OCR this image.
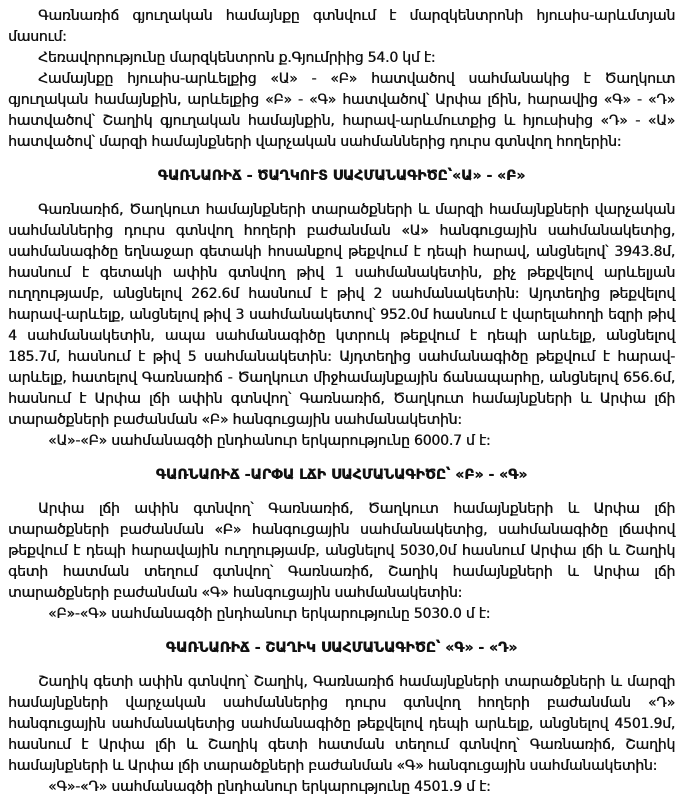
Գառնառիճ գյուղական համայնքը գտնվում է մարզկենտրոնի հյուսիս-արևմտյան մասում:

Հեռավորությունը մարզկենտրոն ք.Գյումրիից 54.0 կմ է:

Համայնքը հյուսիս-արևելքից «Ա» - «Բ» հատվածով սահմանակից է Ծաղկուտ գյուղական համայնքին, արևելքից «Բ» - «Գ» հատվածով՝ Արփա լճին, հարավից «Գ» - «Դ» հատվածով՝ Շաղիկ գյուղական համայնքին, հարավ-արևմուտքից և հյուսիսից «Դ» - «Ա» հատվածով՝ մարզի համայնքների վարչական սահմաններից դուրս գտնվող հողերին:

ԳԱՌՆԱՌԻՃ - ԾԱՂԿՈՒՏ ՍԱՀՄԱՆԱԳԻԾԸ՝«Ա» - «Բ»

Գառնառիճ, Ծաղկուտ համայնքների տարածքների և մարզի համայնքների վարչական սահմաններից դուրս գտնվող հողերի բաժանման «Ա» հանգուցային սահմանակետից, սահմանագիծը եղնաջար գետակի հոսանքով թեքվում է դեպի հարավ, անցնելով՝ 3943.8մ, հասնում է գետակի ափին գտնվող թիվ 1 սահմանակետին, քիչ թեքվելով արևելյան ուղղությամբ, անցնելով 262.6մ հասնում է թիվ 2 սահմանակետին: Այդտեղից թեքվելով հարավ-արևելք, անցնելով թիվ 3 սահմանակետով՝ 952.0մ հասնում է վարելահողի եզրի թիվ 4 սահմանակետին, ապա սահմանագիծը կտրուկ թեքվում է դեպի արևելք, անցնելով 185.7մ, հասնում է թիվ 5 սահմանակետին: Այդտեղից սահմանագիծը թեքվում է հարավ-արևելք, հատելով Գառնառիճ - Ծաղկուտ միջհամայնքային ճանապարհը, անցնելով 656.6մ, հասնում է Արփա լճի ափին գտնվող՝ Գառնառիճ, Ծաղկուտ համայնքների և Արփա լճի տարածքների բաժանման «Բ» հանգուցային սահմանակետին:

«Ա»-«Բ» սահմանագծի ընդհանուր երկարությունը 6000.7 մ է:

ԳԱՌՆԱՌԻՃ -ԱՐՓԱ ԼՃԻ ՍԱՀՄԱՆԱԳԻԾԸ՝ «Բ» - «Գ»

Արփա լճի ափին գտնվող՝ Գառնառիճ, Ծաղկուտ համայնքների և Արփա լճի տարածքների բաժանման «Բ» հանգուցային սահմանակետից, սահմանագիծը լճափով թեքվում է դեպի հարավային ուղղությամբ, անցնելով 5030,0մ հասնում Արփա լճի և Շաղիկ գետի հատման տեղում գտնվող՝ Գառնառիճ, Շաղիկ համայնքների և Արփա լճի տարածքների բաժանման «Գ» հանգուցային սահմանակետին:

«Բ»-«Գ» սահմանագծի ընդհանուր երկարությունը 5030.0 մ է:

ԳԱՌՆԱՌԻՃ - ՇԱՂԻԿ ՍԱՀՄԱՆԱԳԻԾԸ՝ «Գ» - «Դ»

Շաղիկ գետի ափին գտնվող՝ Շաղիկ, Գառնառիճ համայնքների տարածքների և մարզի համայնքների վարչական սահմաններից դուրս գտնվող հողերի բաժանման «Դ» հանգուցային սահմանակետից սահմանագիծը թեքվելով դեպի արևելք, անցնելով 4501.9մ, հասնում է Արփա լճի և Շաղիկ գետի հատման տեղում գտնվող՝ Գառնառիճ, Շաղիկ համայնքների և Արփա լճի տարածքների բաժանման «Գ» հանգուցային սահմանակետին:

«Գ»-«Դ» սահմանագծի ընդհանուր երկարությունը 4501.9 մ է:
